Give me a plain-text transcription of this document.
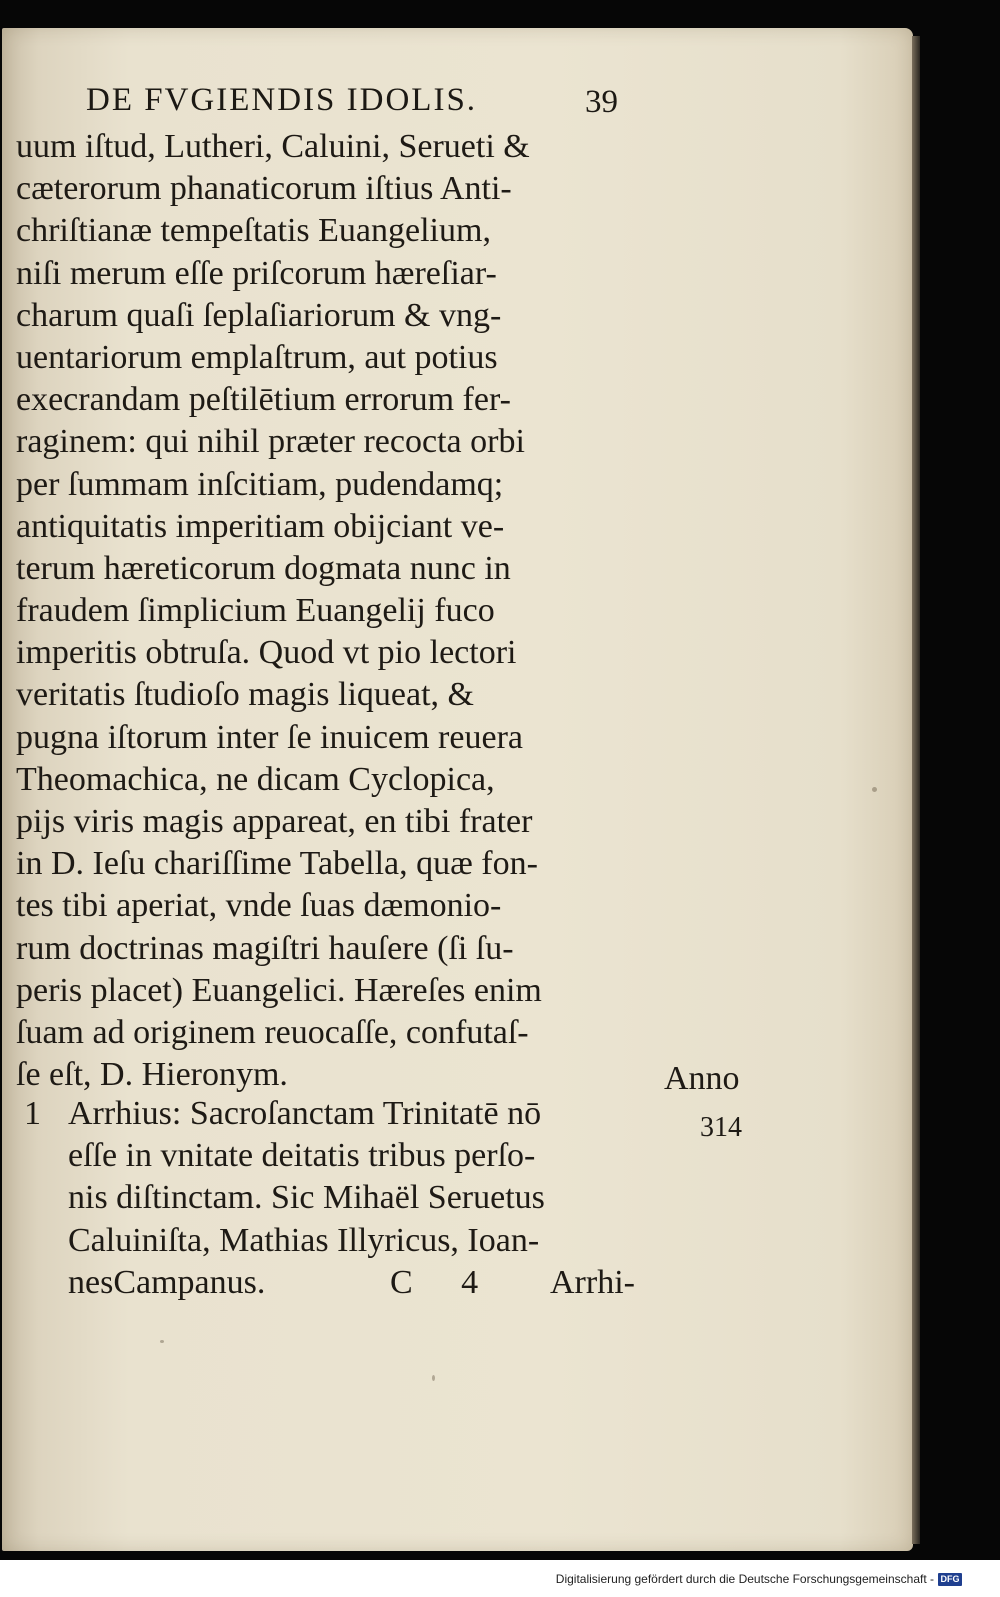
DE FVGIENDIS IDOLIS.	39
uum iſtud, Lutheri, Caluini, Serueti &
cæterorum phanaticorum iſtius Anti-
chriſtianæ tempeſtatis Euangelium,
niſi merum eſſe priſcorum hæreſiar-
charum quaſi ſeplaſiariorum & vng-
uentariorum emplaſtrum, aut potius
execrandam peſtilētium errorum fer-
raginem: qui nihil præter recocta orbi
per ſummam inſcitiam, pudendamq;
antiquitatis imperitiam obijciant ve-
terum hæreticorum dogmata nunc in
fraudem ſimplicium Euangelij fuco
imperitis obtruſa. Quod vt pio lectori
veritatis ſtudioſo magis liqueat, &
pugna iſtorum inter ſe inuicem reuera
Theomachica, ne dicam Cyclopica,
pijs viris magis appareat, en tibi frater
in D. Ieſu chariſſime Tabella, quæ fon-
tes tibi aperiat, vnde ſuas dæmonio-
rum doctrinas magiſtri hauſere (ſi ſu-
peris placet) Euangelici. Hæreſes enim
ſuam ad originem reuocaſſe, confutaſ-
ſe eſt, D. Hieronym.	Anno
314
1 Arrhius: Sacroſanctam Trinitatē nō
eſſe in vnitate deitatis tribus perſo-
nis diſtinctam. Sic Mihaël Seruetus
Caluiniſta, Mathias Illyricus, Ioan-
nesCampanus.	C 4 Arrhi-
Digitalisierung gefördert durch die Deutsche Forschungsgemeinschaft - DFG
